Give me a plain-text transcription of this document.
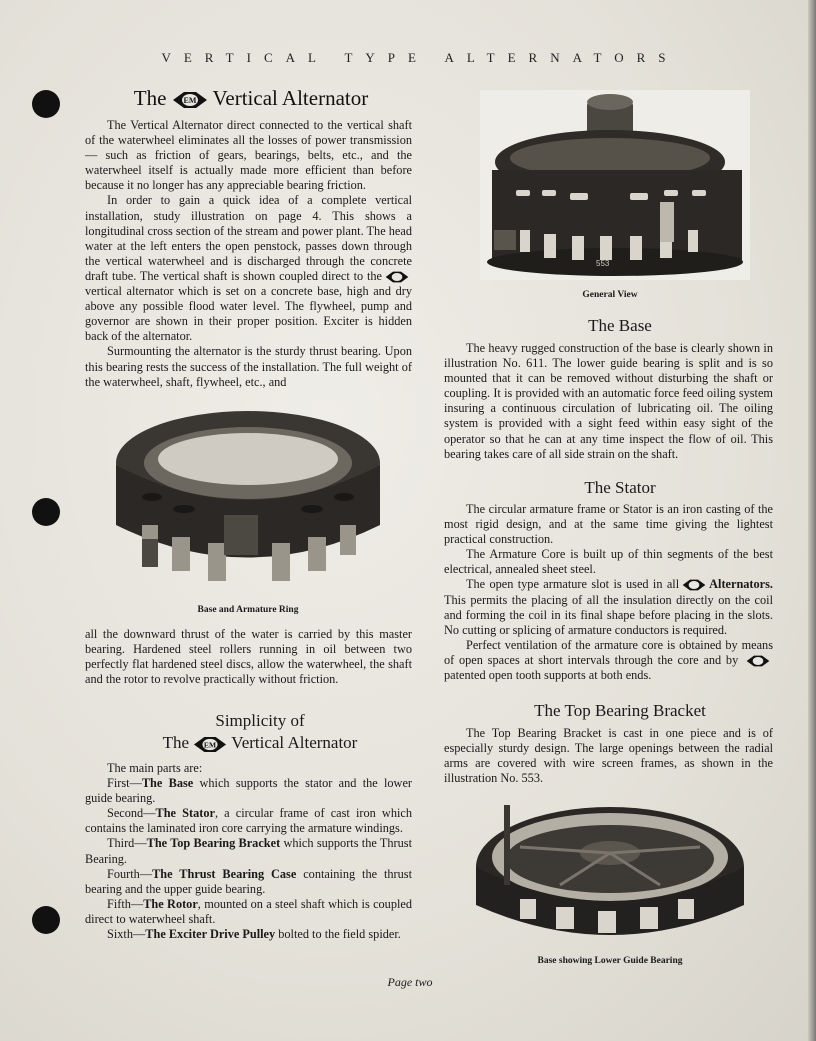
VERTICAL TYPE ALTERNATORS
The EM Vertical Alternator

The Vertical Alternator direct connected to the vertical shaft of the waterwheel eliminates all the losses of power transmission — such as friction of gears, bearings, belts, etc., and the waterwheel itself is actually made more efficient than before because it no longer has any appreciable bearing friction.

In order to gain a quick idea of a complete vertical installation, study illustration on page 4. This shows a longitudinal cross section of the stream and power plant. The head water at the left enters the open penstock, passes down through the vertical waterwheel and is discharged through the concrete draft tube. The vertical shaft is shown coupled direct to thevertical alternator which is set on a concrete base, high and dry above any possible flood water level. The flywheel, pump and governor are shown in their proper position. Exciter is hidden back of the alternator.

Surmounting the alternator is the sturdy thrust bearing. Upon this bearing rests the success of the installation. The full weight of the waterwheel, shaft, flywheel, etc., and

Base and Armature Ring

all the downward thrust of the water is carried by this master bearing. Hardened steel rollers running in oil between two perfectly flat hardened steel discs, allow the waterwheel, the shaft and the rotor to revolve practically without friction.

Simplicity of
The EM Vertical Alternator

The main parts are:

First—The Base which supports the stator and the lower guide bearing.

Second—The Stator, a circular frame of cast iron which contains the laminated iron core carrying the armature windings.

Third—The Top Bearing Bracket which supports the Thrust Bearing.

Fourth—The Thrust Bearing Case containing the thrust bearing and the upper guide bearing.

Fifth—The Rotor, mounted on a steel shaft which is coupled direct to waterwheel shaft.

Sixth—The Exciter Drive Pulley bolted to the field spider.

553
General View
The Base

The heavy rugged construction of the base is clearly shown in illustration No. 611. The lower guide bearing is split and is so mounted that it can be removed without disturbing the shaft or coupling. It is provided with an automatic force feed oiling system insuring a continuous circulation of lubricating oil. The oiling system is provided with a sight feed within easy sight of the operator so that he can at any time inspect the flow of oil. This bearing takes care of all side strain on the shaft.

The Stator

The circular armature frame or Stator is an iron casting of the most rigid design, and at the same time giving the lightest practical construction.

The Armature Core is built up of thin segments of the best electrical, annealed sheet steel.

The open type armature slot is used in all Alternators. This permits the placing of all the insulation directly on the coil and forming the coil in its final shape before placing in the slots. No cutting or splicing of armature conductors is required.

Perfect ventilation of the armature core is obtained by means of open spaces at short intervals through the core and by  patented open tooth supports at both ends.

The Top Bearing Bracket

The Top Bearing Bracket is cast in one piece and is of especially sturdy design. The large openings between the radial arms are covered with wire screen frames, as shown in the illustration No. 553.

Base showing Lower Guide Bearing
Page two
